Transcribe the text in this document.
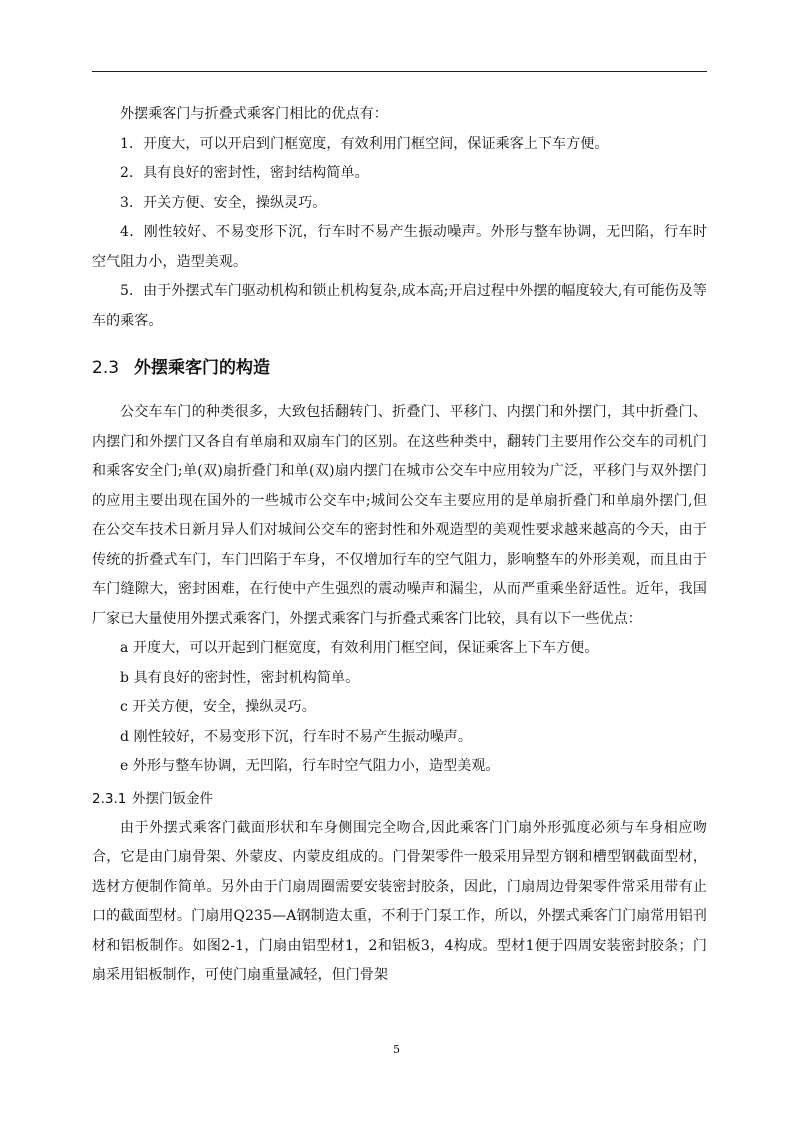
外摆乘客门与折叠式乘客门相比的优点有：

1．开度大，可以开启到门框宽度，有效利用门框空间，保证乘客上下车方便。

2．具有良好的密封性，密封结构简单。

3．开关方便、安全，操纵灵巧。

4．刚性较好、不易变形下沉，行车时不易产生振动噪声。外形与整车协调，无凹陷，行车时空气阻力小，造型美观。

5．由于外摆式车门驱动机构和锁止机构复杂,成本高;开启过程中外摆的幅度较大,有可能伤及等车的乘客。

2.3 外摆乘客门的构造

公交车车门的种类很多，大致包括翻转门、折叠门、平移门、内摆门和外摆门，其中折叠门、内摆门和外摆门又各自有单扇和双扇车门的区别。在这些种类中，翻转门主要用作公交车的司机门和乘客安全门;单(双)扇折叠门和单(双)扇内摆门在城市公交车中应用较为广泛，平移门与双外摆门的应用主要出现在国外的一些城市公交车中;城间公交车主要应用的是单扇折叠门和单扇外摆门,但在公交车技术日新月异人们对城间公交车的密封性和外观造型的美观性要求越来越高的今天，由于传统的折叠式车门，车门凹陷于车身，不仅增加行车的空气阻力，影响整车的外形美观，而且由于车门缝隙大，密封困难，在行使中产生强烈的震动噪声和漏尘，从而严重乘坐舒适性。近年，我国厂家已大量使用外摆式乘客门，外摆式乘客门与折叠式乘客门比较，具有以下一些优点：

a 开度大，可以开起到门框宽度，有效利用门框空间，保证乘客上下车方便。

b 具有良好的密封性，密封机构简单。

c 开关方便，安全，操纵灵巧。

d 刚性较好，不易变形下沉，行车时不易产生振动噪声。

e 外形与整车协调，无凹陷，行车时空气阻力小，造型美观。

2.3.1 外摆门钣金件

由于外摆式乘客门截面形状和车身侧围完全吻合,因此乘客门门扇外形弧度必须与车身相应吻合，它是由门扇骨架、外蒙皮、内蒙皮组成的。门骨架零件一般采用异型方钢和槽型钢截面型材，选材方便制作简单。另外由于门扇周圈需要安装密封胶条，因此，门扇周边骨架零件常采用带有止口的截面型材。门扇用Q235—A钢制造太重，不利于门泵工作，所以，外摆式乘客门门扇常用铝刊材和铝板制作。如图2-1，门扇由铝型材1，2和铝板3，4构成。型材1便于四周安装密封胶条；门扇采用铝板制作，可使门扇重量减轻，但门骨架

5
